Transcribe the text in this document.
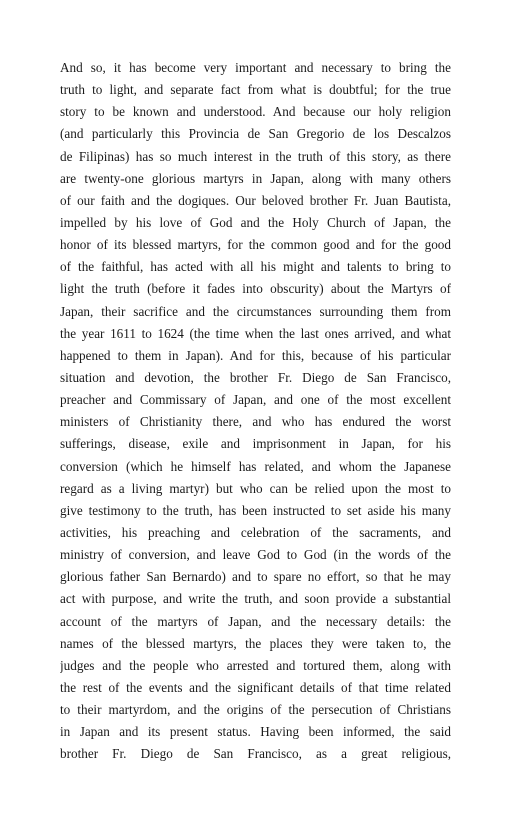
And so, it has become very important and necessary to bring the
truth to light, and separate fact from what is doubtful; for the true
story to be known and understood. And because our holy religion
(and particularly this Provincia de San Gregorio de los Descalzos
de Filipinas) has so much interest in the truth of this story, as there
are twenty-one glorious martyrs in Japan, along with many others
of our faith and the dogiques. Our beloved brother Fr. Juan Bautista,
impelled by his love of God and the Holy Church of Japan, the
honor of its blessed martyrs, for the common good and for the good
of the faithful, has acted with all his might and talents to bring to
light the truth (before it fades into obscurity) about the Martyrs of
Japan, their sacrifice and the circumstances surrounding them from
the year 1611 to 1624 (the time when the last ones arrived, and what
happened to them in Japan). And for this, because of his particular
situation and devotion, the brother Fr. Diego de San Francisco,
preacher and Commissary of Japan, and one of the most excellent
ministers of Christianity there, and who has endured the worst
sufferings, disease, exile and imprisonment in Japan, for his
conversion (which he himself has related, and whom the Japanese
regard as a living martyr) but who can be relied upon the most to
give testimony to the truth, has been instructed to set aside his many
activities, his preaching and celebration of the sacraments, and
ministry of conversion, and leave God to God (in the words of the
glorious father San Bernardo) and to spare no effort, so that he may
act with purpose, and write the truth, and soon provide a substantial
account of the martyrs of Japan, and the necessary details: the
names of the blessed martyrs, the places they were taken to, the
judges and the people who arrested and tortured them, along with
the rest of the events and the significant details of that time related
to their martyrdom, and the origins of the persecution of Christians
in Japan and its present status. Having been informed, the said
brother Fr. Diego de San Francisco, as a great religious,
